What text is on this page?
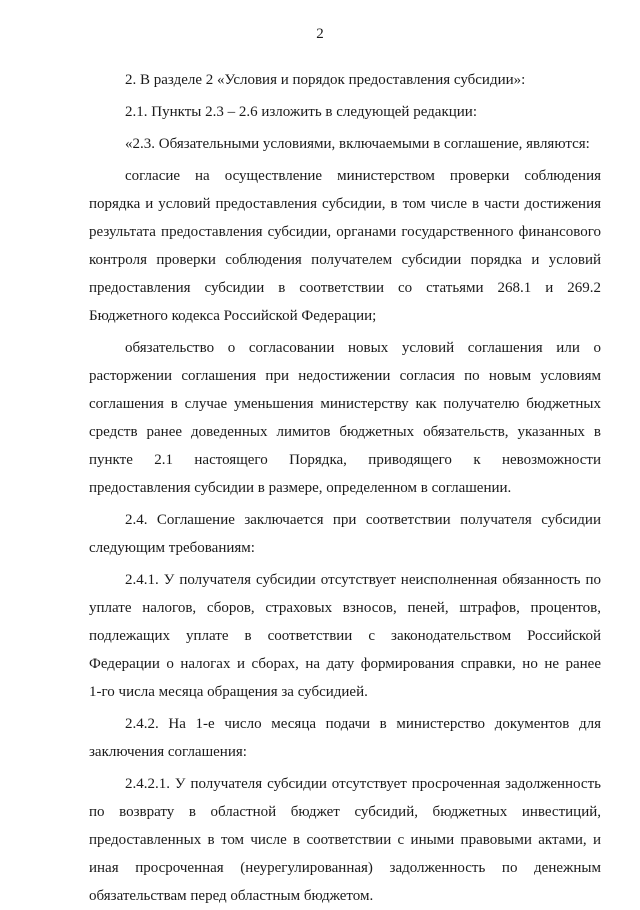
2

2. В разделе 2 «Условия и порядок предоставления субсидии»:

2.1. Пункты 2.3 – 2.6 изложить в следующей редакции:

«2.3. Обязательными условиями, включаемыми в соглашение, являются:

согласие на осуществление министерством проверки соблюдения
порядка и условий предоставления субсидии, в том числе в части достижения
результата предоставления субсидии, органами государственного финансового
контроля проверки соблюдения получателем субсидии порядка и условий
предоставления субсидии в соответствии со статьями 268.1 и 269.2
Бюджетного кодекса Российской Федерации;

обязательство о согласовании новых условий соглашения или о
расторжении соглашения при недостижении согласия по новым условиям
соглашения в случае уменьшения министерству как получателю бюджетных
средств ранее доведенных лимитов бюджетных обязательств, указанных в
пункте 2.1 настоящего Порядка, приводящего к невозможности
предоставления субсидии в размере, определенном в соглашении.

2.4. Соглашение заключается при соответствии получателя субсидии
следующим требованиям:

2.4.1. У получателя субсидии отсутствует неисполненная обязанность по
уплате налогов, сборов, страховых взносов, пеней, штрафов, процентов,
подлежащих уплате в соответствии с законодательством Российской
Федерации о налогах и сборах, на дату формирования справки, но не ранее
1-го числа месяца обращения за субсидией.

2.4.2. На 1-е число месяца подачи в министерство документов для
заключения соглашения:

2.4.2.1. У получателя субсидии отсутствует просроченная задолженность
по возврату в областной бюджет субсидий, бюджетных инвестиций,
предоставленных в том числе в соответствии с иными правовыми актами, и
иная просроченная (неурегулированная) задолженность по денежным
обязательствам перед областным бюджетом.
